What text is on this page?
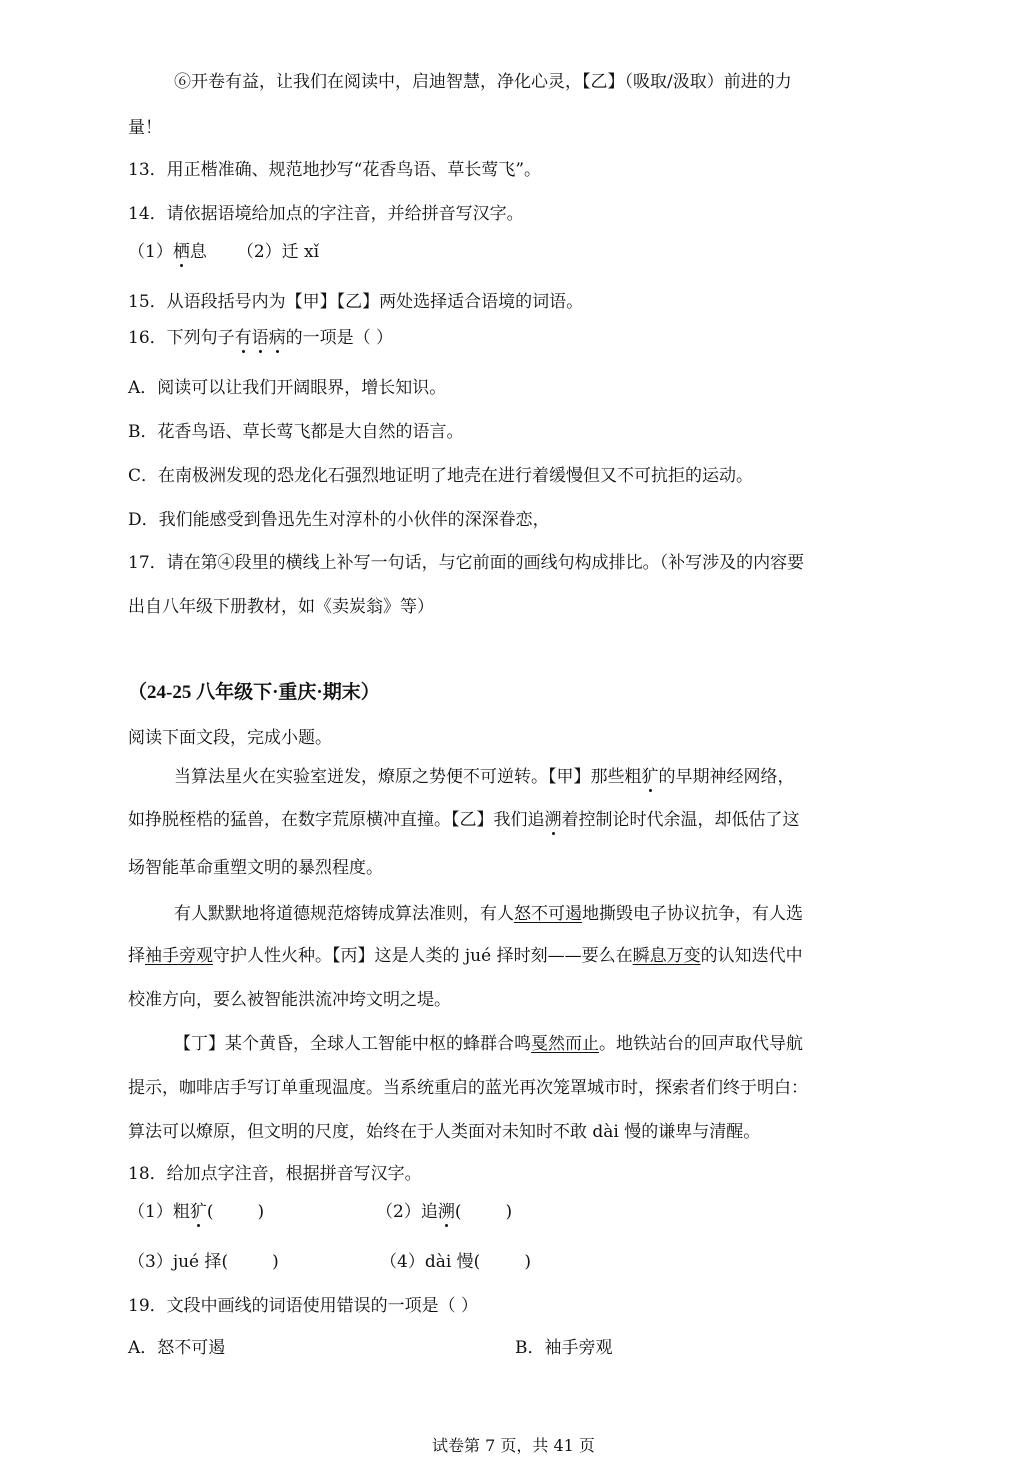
⑥开卷有益，让我们在阅读中，启迪智慧，净化心灵，【乙】（吸取/汲取）前进的力
量！
13．用正楷准确、规范地抄写“花香鸟语、草长莺飞”。
14．请依据语境给加点的字注音，并给拼音写汉字。
（1）栖息 （2）迁 xǐ
15．从语段括号内为【甲】【乙】两处选择适合语境的词语。
16．下列句子有语病的一项是（ ）
A．阅读可以让我们开阔眼界，增长知识。
B．花香鸟语、草长莺飞都是大自然的语言。
C．在南极洲发现的恐龙化石强烈地证明了地壳在进行着缓慢但又不可抗拒的运动。
D．我们能感受到鲁迅先生对淳朴的小伙伴的深深眷恋，
17．请在第④段里的横线上补写一句话，与它前面的画线句构成排比。（补写涉及的内容要
出自八年级下册教材，如《卖炭翁》等）
（24-25 八年级下·重庆·期末）
阅读下面文段，完成小题。
当算法星火在实验室迸发，燎原之势便不可逆转。【甲】那些粗犷的早期神经网络，
如挣脱桎梏的猛兽，在数字荒原横冲直撞。【乙】我们追溯着控制论时代余温，却低估了这
场智能革命重塑文明的暴烈程度。
有人默默地将道德规范熔铸成算法准则，有人怒不可遏地撕毁电子协议抗争，有人选
择袖手旁观守护人性火种。【丙】这是人类的 jué 择时刻——要么在瞬息万变的认知迭代中
校准方向，要么被智能洪流冲垮文明之堤。
【丁】某个黄昏，全球人工智能中枢的蜂群合鸣戛然而止。地铁站台的回声取代导航
提示，咖啡店手写订单重现温度。当系统重启的蓝光再次笼罩城市时，探索者们终于明白：
算法可以燎原，但文明的尺度，始终在于人类面对未知时不敢 dài 慢的谦卑与清醒。
18．给加点字注音，根据拼音写汉字。
（1）粗犷(	)	（2）追溯(	)
（3）jué 择(	)	（4）dài 慢(	)
19．文段中画线的词语使用错误的一项是（ ）
A．怒不可遏	B．袖手旁观
试卷第 7 页，共 41 页
